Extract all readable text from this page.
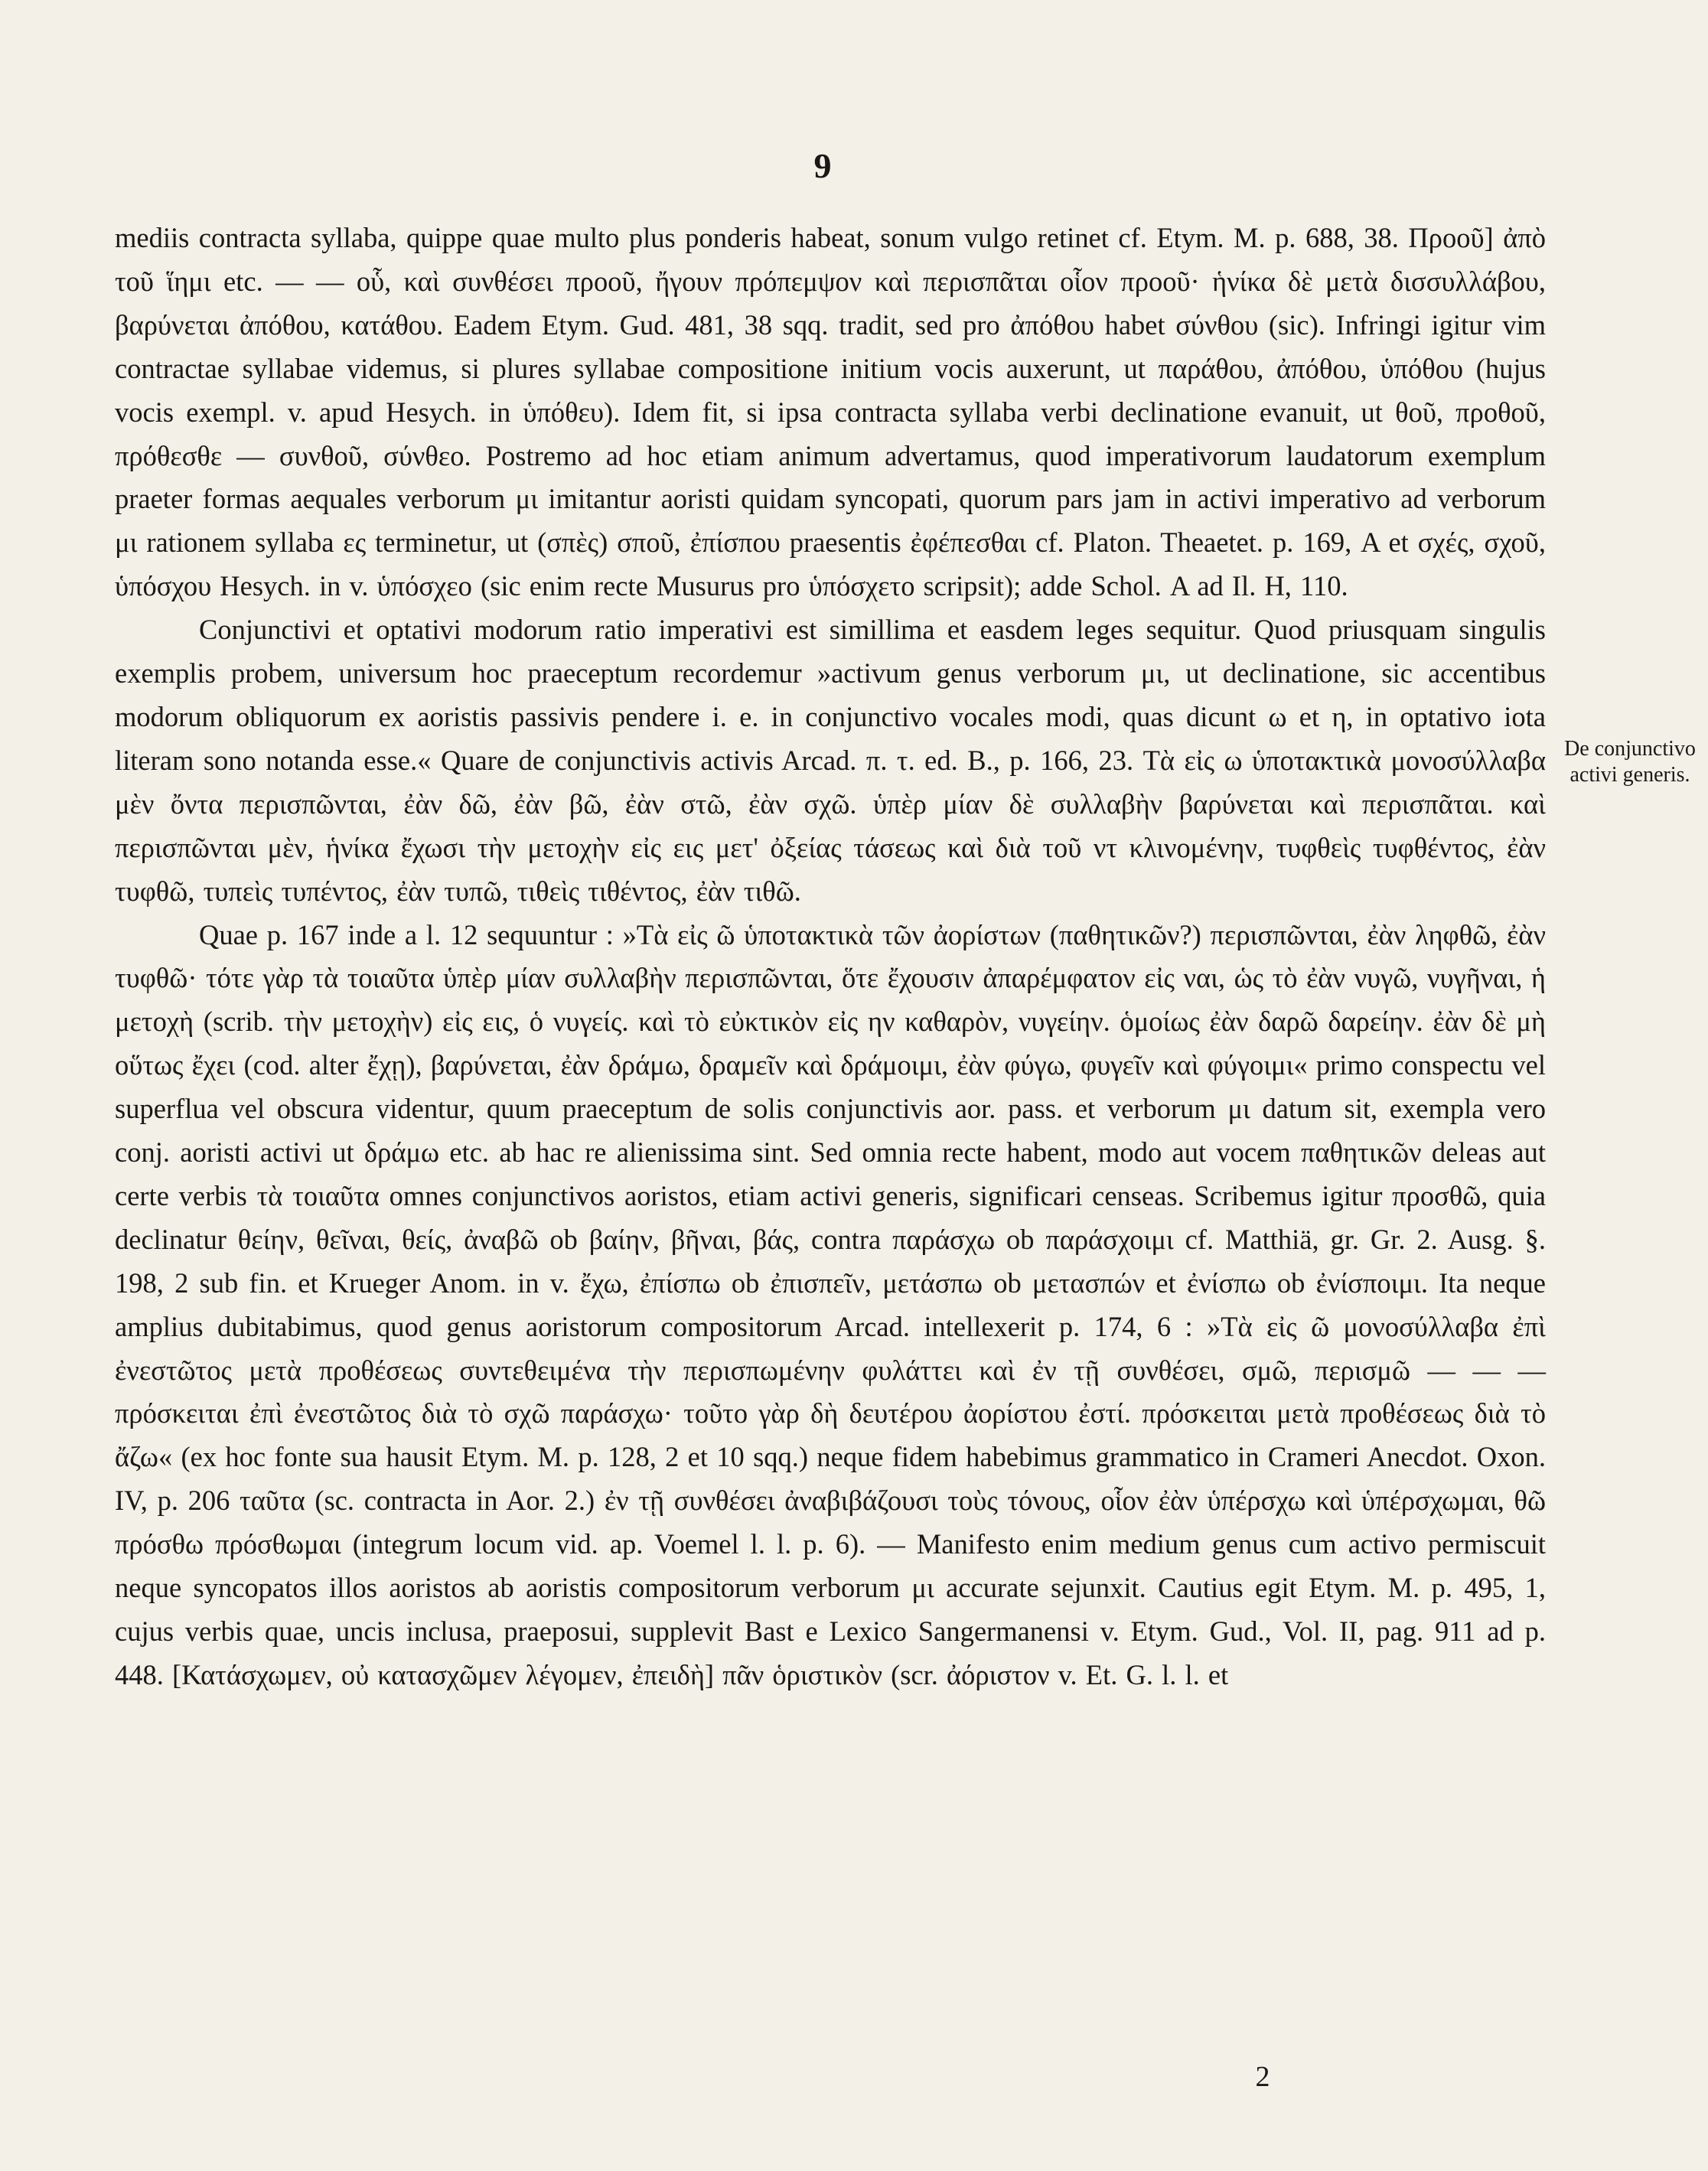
9

mediis contracta syllaba, quippe quae multo plus ponderis habeat, sonum vulgo retinet cf. Etym. M. p. 688, 38. Προοῦ] ἀπὸ τοῦ ἵημι etc. — — οὗ, καὶ συνθέσει προοῦ, ἤγουν πρόπεμψον καὶ περισπᾶται οἷον προοῦ· ἡνίκα δὲ μετὰ δισσυλλάβου, βαρύνεται ἀπόθου, κατάθου. Eadem Etym. Gud. 481, 38 sqq. tradit, sed pro ἀπόθου habet σύνθου (sic). Infringi igitur vim contractae syllabae videmus, si plures syllabae compositione initium vocis auxerunt, ut παράθου, ἀπόθου, ὑπόθου (hujus vocis exempl. v. apud Hesych. in ὑπόθευ). Idem fit, si ipsa contracta syllaba verbi declinatione evanuit, ut θοῦ, προθοῦ, πρόθεσθε — συνθοῦ, σύνθεο. Postremo ad hoc etiam animum advertamus, quod imperativorum laudatorum exemplum praeter formas aequales verborum μι imitantur aoristi quidam syncopati, quorum pars jam in activi imperativo ad verborum μι rationem syllaba ες terminetur, ut (σπὲς) σποῦ, ἐπίσπου praesentis ἐφέπεσθαι cf. Platon. Theaetet. p. 169, Α et σχές, σχοῦ, ὑπόσχου Hesych. in v. ὑπόσχεο (sic enim recte Musurus pro ὑπόσχετο scripsit); adde Schol. Α ad Il. Η, 110.

Conjunctivi et optativi modorum ratio imperativi est simillima et easdem leges sequitur. Quod priusquam singulis exemplis probem, universum hoc praeceptum recordemur »activum genus verborum μι, ut declinatione, sic accentibus modorum obliquorum ex aoristis passivis pendere i. e. in conjunctivo vocales modi, quas dicunt ω et η, in optativo iota literam sono notanda esse.« Quare de conjunctivis activis Arcad. π. τ. ed. B., p. 166, 23. Τὰ εἰς ω ὑποτακτικὰ μονοσύλλαβα μὲν ὄντα περισπῶνται, ἐὰν δῶ, ἐὰν βῶ, ἐὰν στῶ, ἐὰν σχῶ. ὑπὲρ μίαν δὲ συλλαβὴν βαρύνεται καὶ περισπᾶται. καὶ περισπῶνται μὲν, ἡνίκα ἔχωσι τὴν μετοχὴν εἰς εις μετ' ὀξείας τάσεως καὶ διὰ τοῦ ντ κλινομένην, τυφθεὶς τυφθέντος, ἐὰν τυφθῶ, τυπεὶς τυπέντος, ἐὰν τυπῶ, τιθεὶς τιθέντος, ἐὰν τιθῶ.

Quae p. 167 inde a l. 12 sequuntur : »Τὰ εἰς ῶ ὑποτακτικὰ τῶν ἀορίστων (παθητικῶν?) περισπῶνται, ἐὰν ληφθῶ, ἐὰν τυφθῶ· τότε γὰρ τὰ τοιαῦτα ὑπὲρ μίαν συλλαβὴν περισπῶνται, ὅτε ἔχουσιν ἀπαρέμφατον εἰς ναι, ὡς τὸ ἐὰν νυγῶ, νυγῆναι, ἡ μετοχὴ (scrib. τὴν μετοχὴν) εἰς εις, ὁ νυγείς. καὶ τὸ εὐκτικὸν εἰς ην καθαρὸν, νυγείην. ὁμοίως ἐὰν δαρῶ δαρείην. ἐὰν δὲ μὴ οὕτως ἔχει (cod. alter ἔχῃ), βαρύνεται, ἐὰν δράμω, δραμεῖν καὶ δράμοιμι, ἐὰν φύγω, φυγεῖν καὶ φύγοιμι« primo conspectu vel superflua vel obscura videntur, quum praeceptum de solis conjunctivis aor. pass. et verborum μι datum sit, exempla vero conj. aoristi activi ut δράμω etc. ab hac re alienissima sint. Sed omnia recte habent, modo aut vocem παθητικῶν deleas aut certe verbis τὰ τοιαῦτα omnes conjunctivos aoristos, etiam activi generis, significari censeas. Scribemus igitur προσθῶ, quia declinatur θείην, θεῖναι, θείς, ἀναβῶ ob βαίην, βῆναι, βάς, contra παράσχω ob παράσχοιμι cf. Matthiä, gr. Gr. 2. Ausg. §. 198, 2 sub fin. et Krueger Anom. in v. ἔχω, ἐπίσπω ob ἐπισπεῖν, μετάσπω ob μετασπών et ἐνίσπω ob ἐνίσποιμι. Ita neque amplius dubitabimus, quod genus aoristorum compositorum Arcad. intellexerit p. 174, 6 : »Τὰ εἰς ῶ μονοσύλλαβα ἐπὶ ἐνεστῶτος μετὰ προθέσεως συντεθειμένα τὴν περισπωμένην φυλάττει καὶ ἐν τῇ συνθέσει, σμῶ, περισμῶ — — — πρόσκειται ἐπὶ ἐνεστῶτος διὰ τὸ σχῶ παράσχω· τοῦτο γὰρ δὴ δευτέρου ἀορίστου ἐστί. πρόσκειται μετὰ προθέσεως διὰ τὸ ἄζω« (ex hoc fonte sua hausit Etym. M. p. 128, 2 et 10 sqq.) neque fidem habebimus grammatico in Crameri Anecdot. Oxon. IV, p. 206 ταῦτα (sc. contracta in Aor. 2.) ἐν τῇ συνθέσει ἀναβιβάζουσι τοὺς τόνους, οἷον ἐὰν ὑπέρσχω καὶ ὑπέρσχωμαι, θῶ πρόσθω πρόσθωμαι (integrum locum vid. ap. Voemel l. l. p. 6). — Manifesto enim medium genus cum activo permiscuit neque syncopatos illos aoristos ab aoristis compositorum verborum μι accurate sejunxit. Cautius egit Etym. M. p. 495, 1, cujus verbis quae, uncis inclusa, praeposui, supplevit Bast e Lexico Sangermanensi v. Etym. Gud., Vol. II, pag. 911 ad p. 448. [Κατάσχωμεν, οὐ κατασχῶμεν λέγομεν, ἐπειδὴ] πᾶν ὁριστικὸν (scr. ἀόριστον v. Et. G. l. l. et

De conjunctivo activi generis.
2
